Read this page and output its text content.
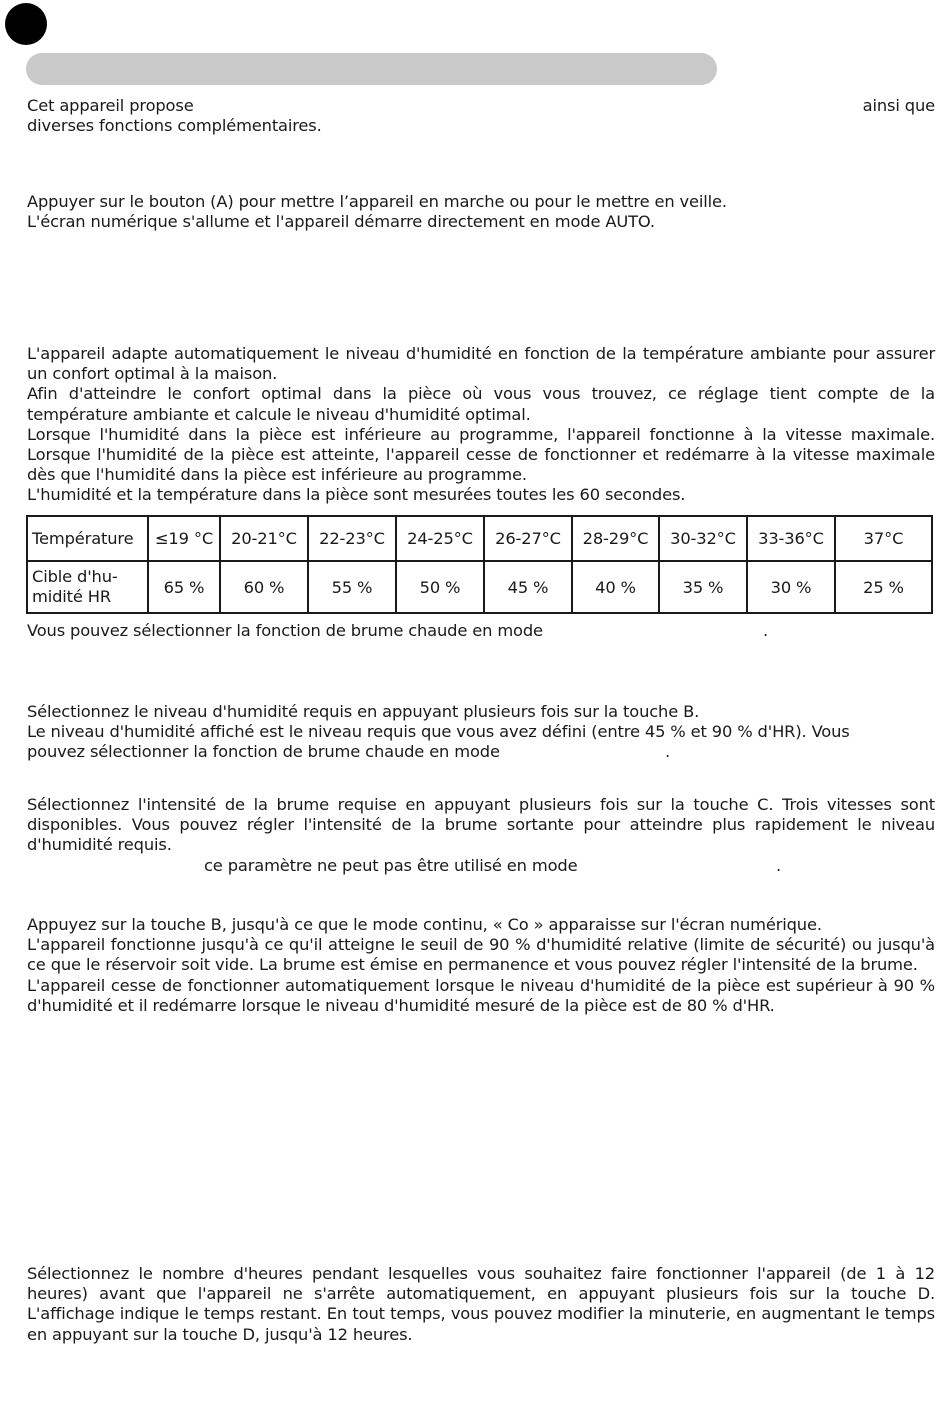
Cet appareil propose	ainsi que
diverses fonctions complémentaires.
Appuyer sur le bouton (A) pour mettre l’appareil en marche ou pour le mettre en veille.
L'écran numérique s'allume et l'appareil démarre directement en mode AUTO.

L'appareil adapte automatiquement le niveau d'humidité en fonction de la température ambiante pour assurer un confort optimal à la maison.

Afin d'atteindre le confort optimal dans la pièce où vous vous trouvez, ce réglage tient compte de la température ambiante et calcule le niveau d'humidité optimal.

Lorsque l'humidité dans la pièce est inférieure au programme, l'appareil fonctionne à la vitesse maximale. Lorsque l'humidité de la pièce est atteinte, l'appareil cesse de fonctionner et redémarre à la vitesse maximale dès que l'humidité dans la pièce est inférieure au programme.

L'humidité et la température dans la pièce sont mesurées toutes les 60 secondes.

Température	≤19 °C	20-21°C	22-23°C	24-25°C	26-27°C	28-29°C	30-32°C	33-36°C	37°C
Cible d'hu-midité HR	65 %	60 %	55 %	50 %	45 %	40 %	35 %	30 %	25 %
Vous pouvez sélectionner la fonction de brume chaude en mode	.
Sélectionnez le niveau d'humidité requis en appuyant plusieurs fois sur la touche B.
Le niveau d'humidité affiché est le niveau requis que vous avez défini (entre 45 % et 90 % d'HR). Vous
pouvez sélectionner la fonction de brume chaude en mode	.

Sélectionnez l'intensité de la brume requise en appuyant plusieurs fois sur la touche C. Trois vitesses sont disponibles. Vous pouvez régler l'intensité de la brume sortante pour atteindre plus rapidement le niveau d'humidité requis.

ce paramètre ne peut pas être utilisé en mode	.

Appuyez sur la touche B, jusqu'à ce que le mode continu, « Co » apparaisse sur l'écran numérique.

L'appareil fonctionne jusqu'à ce qu'il atteigne le seuil de 90 % d'humidité relative (limite de sécurité) ou jusqu'à ce que le réservoir soit vide. La brume est émise en permanence et vous pouvez régler l'intensité de la brume.

L'appareil cesse de fonctionner automatiquement lorsque le niveau d'humidité de la pièce est supérieur à 90 % d'humidité et il redémarre lorsque le niveau d'humidité mesuré de la pièce est de 80 % d'HR.

Sélectionnez le nombre d'heures pendant lesquelles vous souhaitez faire fonctionner l'appareil (de 1 à 12 heures) avant que l'appareil ne s'arrête automatiquement, en appuyant plusieurs fois sur la touche D. L'affichage indique le temps restant. En tout temps, vous pouvez modifier la minuterie, en augmentant le temps en appuyant sur la touche D, jusqu'à 12 heures.
